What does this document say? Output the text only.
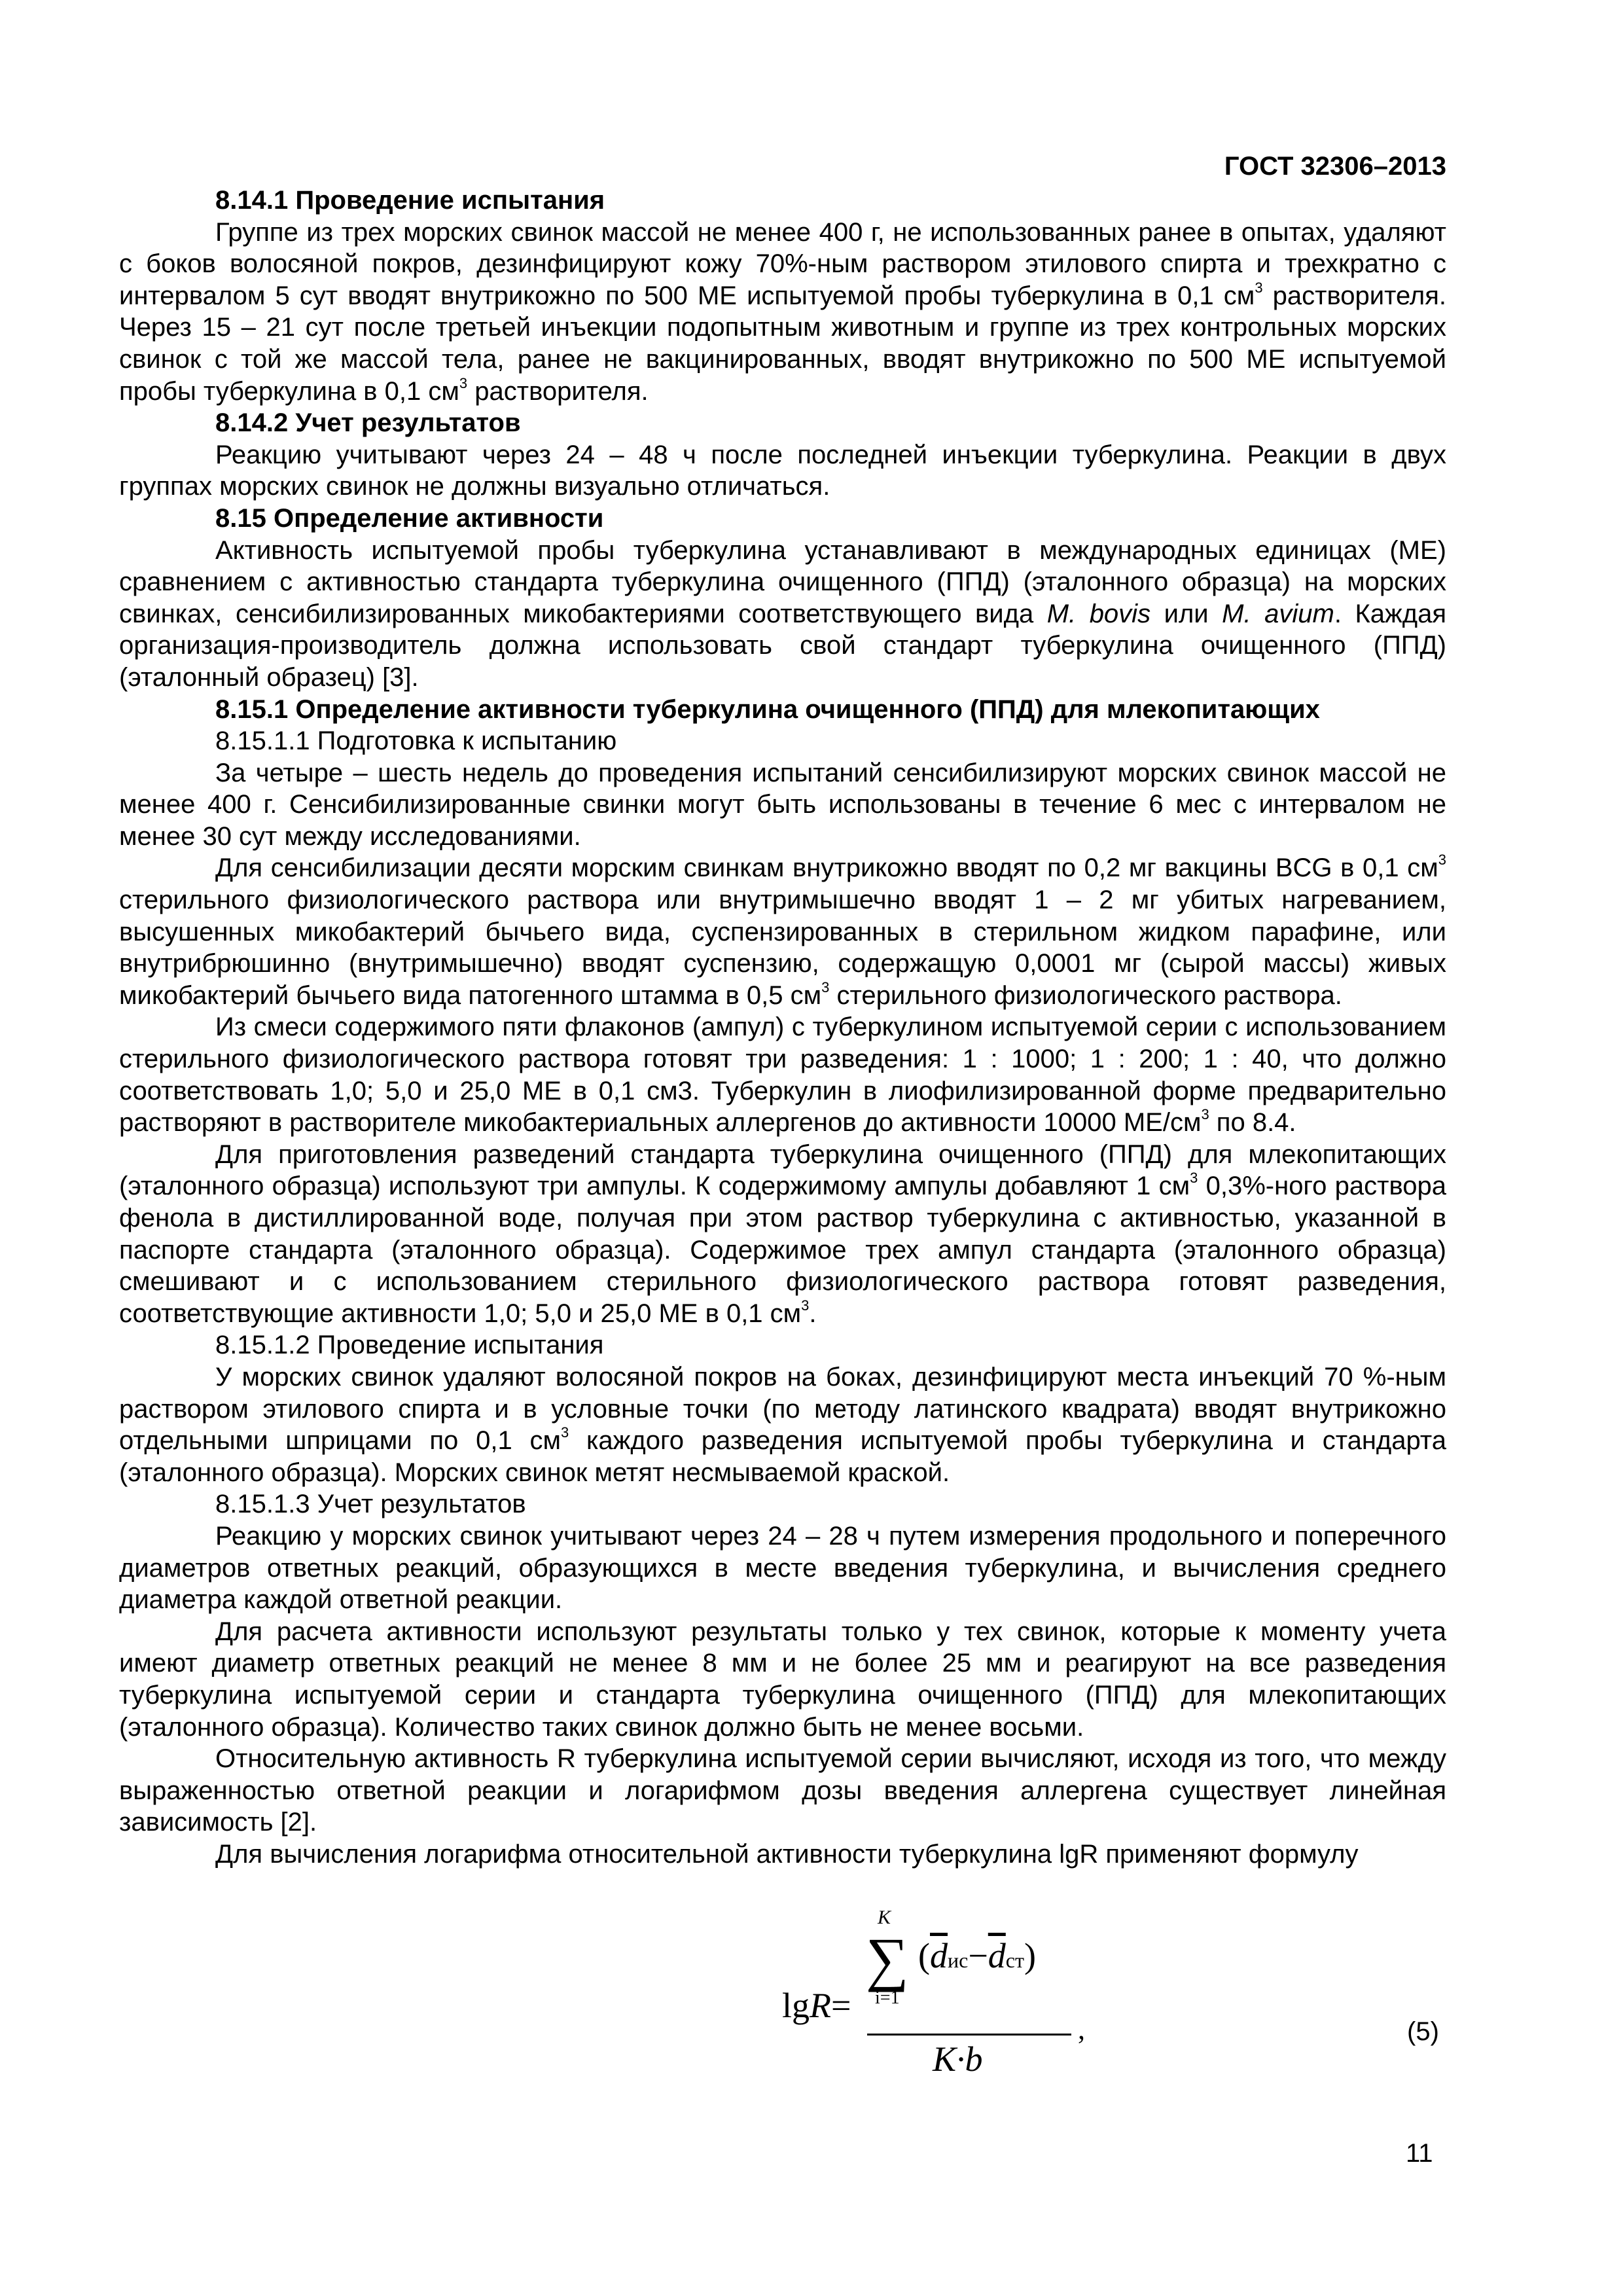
ГОСТ 32306–2013

8.14.1 Проведение испытания

Группе из трех морских свинок массой не менее 400 г, не использованных ранее в опытах, удаляют с боков волосяной покров, дезинфицируют кожу 70%-ным раствором этилового спирта и трехкратно с интервалом 5 сут вводят внутрикожно по 500 МЕ испытуемой пробы туберкулина в 0,1 $см^3$ растворителя. Через 15 – 21 сут после третьей инъекции подопытным животным и группе из трех контрольных морских свинок с той же массой тела, ранее не вакцинированных, вводят внутрикожно по 500 МЕ испытуемой пробы туберкулина в 0,1 $см^3$ растворителя.

8.14.2 Учет результатов

Реакцию учитывают через 24 – 48 ч после последней инъекции туберкулина. Реакции в двух группах морских свинок не должны визуально отличаться.

8.15 Определение активности

Активность испытуемой пробы туберкулина устанавливают в международных единицах (МЕ) сравнением с активностью стандарта туберкулина очищенного (ППД) (эталонного образца) на морских свинках, сенсибилизированных микобактериями соответствующего вида M. bovis или M. avium. Каждая организация-производитель должна использовать свой стандарт туберкулина очищенного (ППД) (эталонный образец) [3].

8.15.1 Определение активности туберкулина очищенного (ППД) для млекопитающих

8.15.1.1 Подготовка к испытанию

За четыре – шесть недель до проведения испытаний сенсибилизируют морских свинок массой не менее 400 г. Сенсибилизированные свинки могут быть использованы в течение 6 мес с интервалом не менее 30 сут между исследованиями.

Для сенсибилизации десяти морским свинкам внутрикожно вводят по 0,2 мг вакцины BCG в 0,1 $см^3$ стерильного физиологического раствора или внутримышечно вводят 1 – 2 мг убитых нагреванием, высушенных микобактерий бычьего вида, суспензированных в стерильном жидком парафине, или внутрибрюшинно (внутримышечно) вводят суспензию, содержащую 0,0001 мг (сырой массы) живых микобактерий бычьего вида патогенного штамма в 0,5 $см^3$ стерильного физиологического раствора.

Из смеси содержимого пяти флаконов (ампул) с туберкулином испытуемой серии с использованием стерильного физиологического раствора готовят три разведения: 1 : 1000; 1 : 200; 1 : 40, что должно соответствовать 1,0; 5,0 и 25,0 МЕ в 0,1 см3. Туберкулин в лиофилизированной форме предварительно растворяют в растворителе микобактериальных аллергенов до активности 10000 $МЕ/см^3$ по 8.4.

Для приготовления разведений стандарта туберкулина очищенного (ППД) для млекопитающих (эталонного образца) используют три ампулы. К содержимому ампулы добавляют 1 $см^3$ 0,3%-ного раствора фенола в дистиллированной воде, получая при этом раствор туберкулина с активностью, указанной в паспорте стандарта (эталонного образца). Содержимое трех ампул стандарта (эталонного образца) смешивают и с использованием стерильного физиологического раствора готовят разведения, соответствующие активности 1,0; 5,0 и 25,0 МЕ в 0,1 $см^3$.

8.15.1.2 Проведение испытания

У морских свинок удаляют волосяной покров на боках, дезинфицируют места инъекций 70 %-ным раствором этилового спирта и в условные точки (по методу латинского квадрата) вводят внутрикожно отдельными шприцами по 0,1 $см^3$ каждого разведения испытуемой пробы туберкулина и стандарта (эталонного образца). Морских свинок метят несмываемой краской.

8.15.1.3 Учет результатов

Реакцию у морских свинок учитывают через 24 – 28 ч путем измерения продольного и поперечного диаметров ответных реакций, образующихся в месте введения туберкулина, и вычисления среднего диаметра каждой ответной реакции.

Для расчета активности используют результаты только у тех свинок, которые к моменту учета имеют диаметр ответных реакций не менее 8 мм и не более 25 мм и реагируют на все разведения туберкулина испытуемой серии и стандарта туберкулина очищенного (ППД) для млекопитающих (эталонного образца). Количество таких свинок должно быть не менее восьми.

Относительную активность R туберкулина испытуемой серии вычисляют, исходя из того, что между выраженностью ответной реакции и логарифмом дозы введения аллергена существует линейная зависимость [2].

Для вычисления логарифма относительной активности туберкулина lgR применяют формулу

lgR=
K
∑
i=1
$(\overline{d}ис-\overline{d}ст)$
K·b
,	(5)
11
